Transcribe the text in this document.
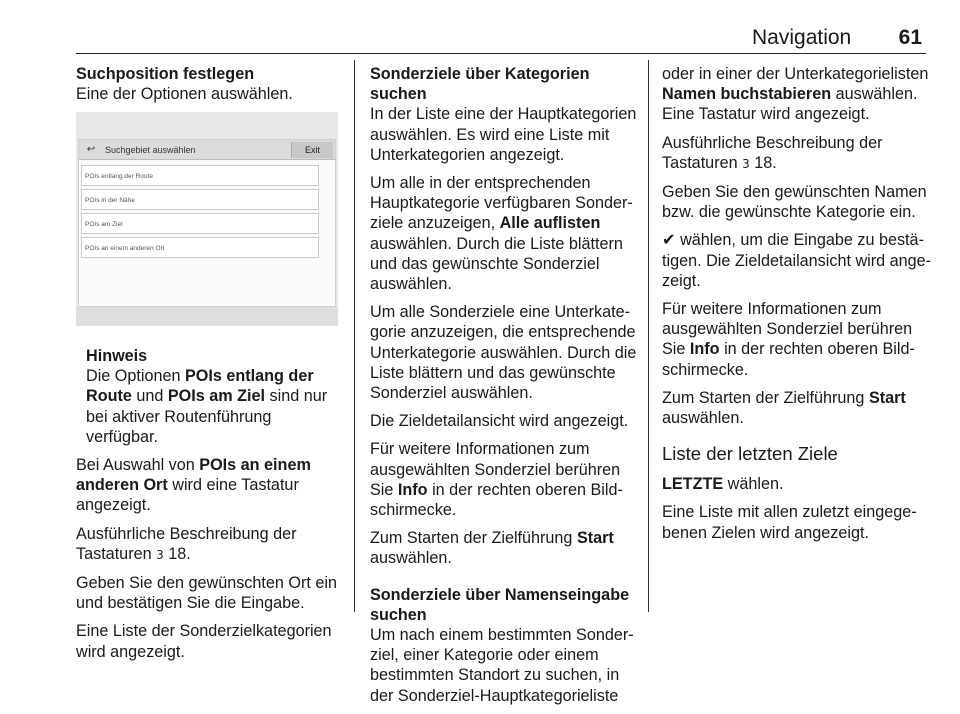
Navigation 61
Suchposition festlegen

Eine der Optionen auswählen.

↩	Suchgebiet auswählen	Exit
POIs entlang der Route
POIs in der Nähe
POIs am Ziel
POIs an einem anderen Ort
Hinweis

Die Optionen POIs entlang der Route und POIs am Ziel sind nur bei aktiver Routenführung verfügbar.

Bei Auswahl von POIs an einem anderen Ort wird eine Tastatur angezeigt.

Ausführliche Beschreibung der Tastaturen 3 18.

Geben Sie den gewünschten Ort ein und bestätigen Sie die Eingabe.

Eine Liste der Sonderzielkategorien wird angezeigt.

Sonderziele über Kategorien suchen

In der Liste eine der Hauptkategorien auswählen. Es wird eine Liste mit Unterkategorien angezeigt.

Um alle in der entsprechenden Hauptkategorie verfügbaren Sonderziele anzuzeigen, Alle auflisten auswählen. Durch die Liste blättern und das gewünschte Sonderziel auswählen.

Um alle Sonderziele eine Unterkategorie anzuzeigen, die entsprechende Unterkategorie auswählen. Durch die Liste blättern und das gewünschte Sonderziel auswählen.

Die Zieldetailansicht wird angezeigt.

Für weitere Informationen zum ausgewählten Sonderziel berühren Sie Info in der rechten oberen Bildschirmecke.

Zum Starten der Zielführung Start auswählen.

Sonderziele über Namenseingabe suchen

Um nach einem bestimmten Sonderziel, einer Kategorie oder einem bestimmten Standort zu suchen, in der Sonderziel-Hauptkategorieliste

oder in einer der Unterkategorielisten Namen buchstabieren auswählen. Eine Tastatur wird angezeigt.

Ausführliche Beschreibung der Tastaturen 3 18.

Geben Sie den gewünschten Namen bzw. die gewünschte Kategorie ein.

✔ wählen, um die Eingabe zu bestätigen. Die Zieldetailansicht wird angezeigt.

Für weitere Informationen zum ausgewählten Sonderziel berühren Sie Info in der rechten oberen Bildschirmecke.

Zum Starten der Zielführung Start auswählen.

Liste der letzten Ziele

LETZTE wählen.

Eine Liste mit allen zuletzt eingegebenen Zielen wird angezeigt.
